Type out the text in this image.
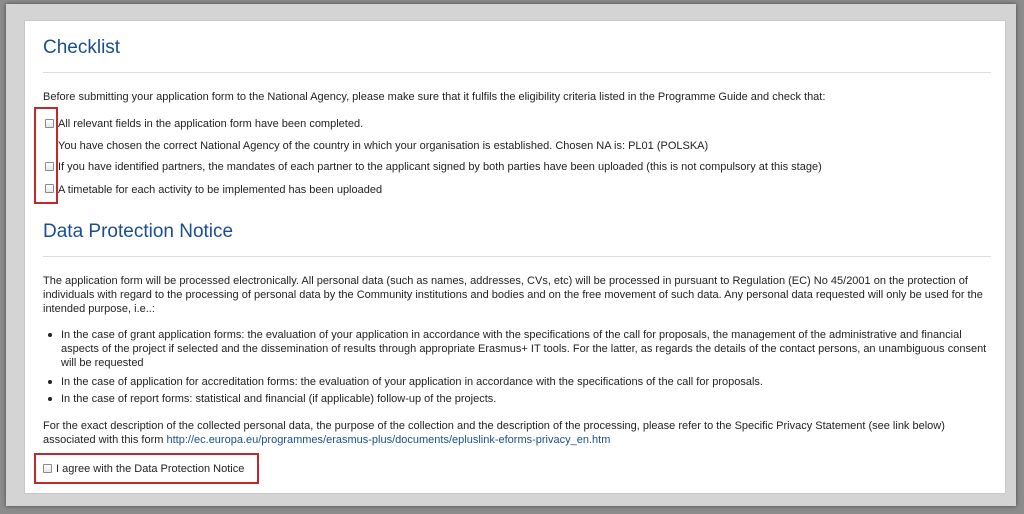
Checklist
Before submitting your application form to the National Agency, please make sure that it fulfils the eligibility criteria listed in the Programme Guide and check that:
All relevant fields in the application form have been completed.
You have chosen the correct National Agency of the country in which your organisation is established. Chosen NA is: PL01 (POLSKA)
If you have identified partners, the mandates of each partner to the applicant signed by both parties have been uploaded (this is not compulsory at this stage)
A timetable for each activity to be implemented has been uploaded
Data Protection Notice
The application form will be processed electronically. All personal data (such as names, addresses, CVs, etc) will be processed in pursuant to Regulation (EC) No 45/2001 on the protection of individuals with regard to the processing of personal data by the Community institutions and bodies and on the free movement of such data. Any personal data requested will only be used for the intended purpose, i.e..:
In the case of grant application forms: the evaluation of your application in accordance with the specifications of the call for proposals, the management of the administrative and financial aspects of the project if selected and the dissemination of results through appropriate Erasmus+ IT tools. For the latter, as regards the details of the contact persons, an unambiguous consent will be requested
In the case of application for accreditation forms: the evaluation of your application in accordance with the specifications of the call for proposals.
In the case of report forms: statistical and financial (if applicable) follow-up of the projects.
For the exact description of the collected personal data, the purpose of the collection and the description of the processing, please refer to the Specific Privacy Statement (see link below) associated with this form http://ec.europa.eu/programmes/erasmus-plus/documents/epluslink-eforms-privacy_en.htm
I agree with the Data Protection Notice
